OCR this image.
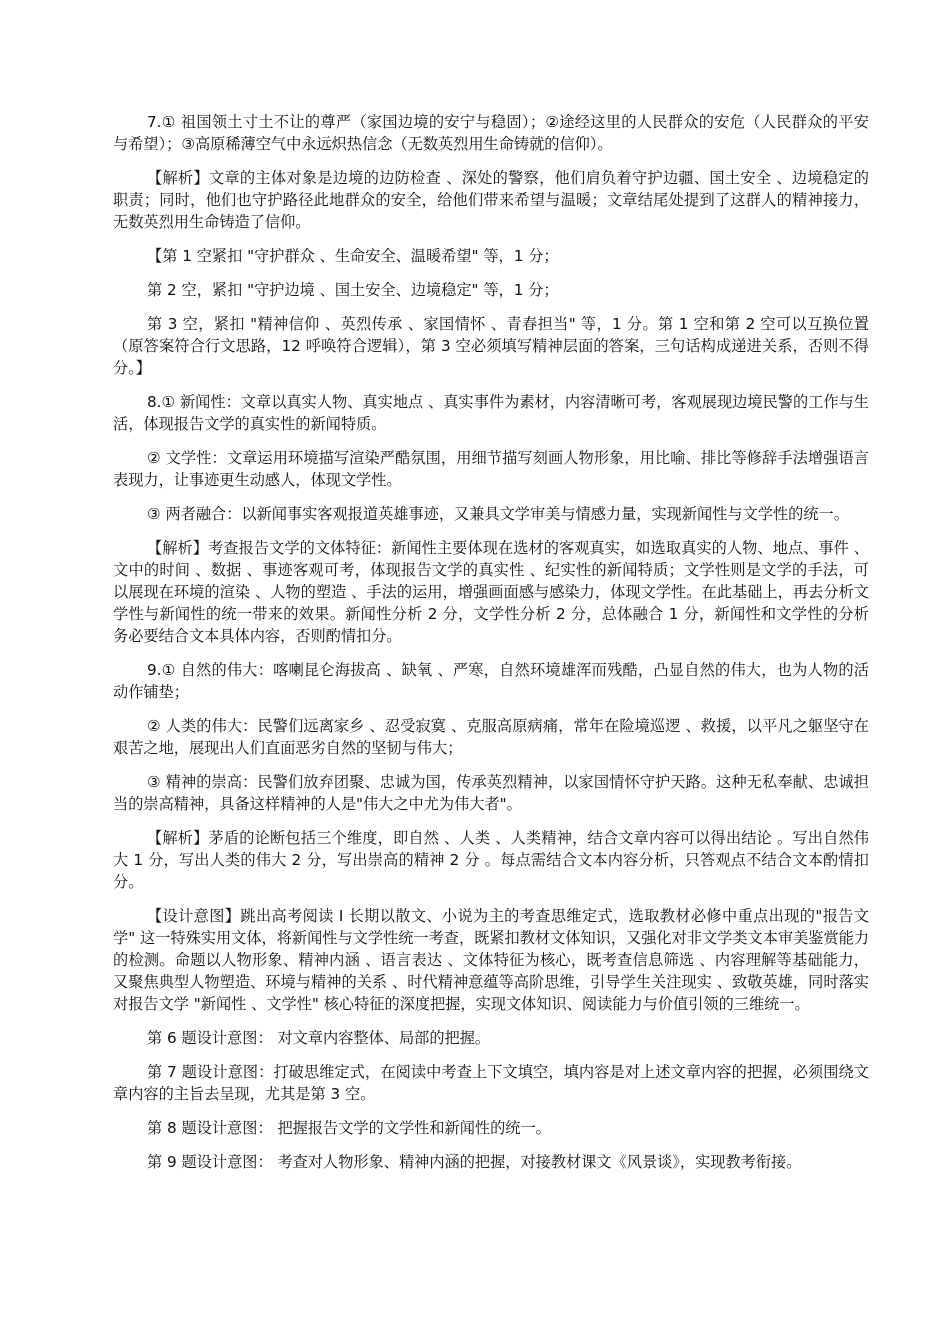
7.① 祖国领土寸土不让的尊严（家国边境的安宁与稳固）；②途经这里的人民群众的安危（人民群众的平安与希望）；③高原稀薄空气中永远炽热信念（无数英烈用生命铸就的信仰）。

【解析】文章的主体对象是边境的边防检查 、深处的警察，他们肩负着守护边疆、国土安全 、边境稳定的职责；同时，他们也守护路径此地群众的安全，给他们带来希望与温暖；文章结尾处提到了这群人的精神接力，无数英烈用生命铸造了信仰。

【第 1 空紧扣 "守护群众 、生命安全、温暖希望" 等，1 分；

第 2 空，紧扣 "守护边境 、国土安全、边境稳定" 等，1 分；

第 3 空，紧扣 "精神信仰 、英烈传承 、家国情怀 、青春担当" 等，1 分。第 1 空和第 2 空可以互换位置（原答案符合行文思路，12 呼唤符合逻辑），第 3 空必须填写精神层面的答案，三句话构成递进关系，否则不得分。】

8.① 新闻性：文章以真实人物、真实地点 、真实事件为素材，内容清晰可考，客观展现边境民警的工作与生活，体现报告文学的真实性的新闻特质。

② 文学性：文章运用环境描写渲染严酷氛围，用细节描写刻画人物形象，用比喻、排比等修辞手法增强语言表现力，让事迹更生动感人，体现文学性。

③ 两者融合：以新闻事实客观报道英雄事迹，又兼具文学审美与情感力量，实现新闻性与文学性的统一。

【解析】考查报告文学的文体特征：新闻性主要体现在选材的客观真实，如选取真实的人物、地点、事件 、文中的时间 、数据 、事迹客观可考，体现报告文学的真实性 、纪实性的新闻特质；文学性则是文学的手法，可以展现在环境的渲染 、人物的塑造 、手法的运用，增强画面感与感染力，体现文学性。在此基础上，再去分析文学性与新闻性的统一带来的效果。新闻性分析 2 分，文学性分析 2 分，总体融合 1 分，新闻性和文学性的分析务必要结合文本具体内容，否则酌情扣分。

9.① 自然的伟大：喀喇昆仑海拔高 、缺氧 、严寒，自然环境雄浑而残酷，凸显自然的伟大，也为人物的活动作铺垫；

② 人类的伟大：民警们远离家乡 、忍受寂寞 、克服高原病痛，常年在险境巡逻 、救援，以平凡之躯坚守在艰苦之地，展现出人们直面恶劣自然的坚韧与伟大；

③ 精神的崇高：民警们放弃团聚、忠诚为国，传承英烈精神，以家国情怀守护天路。这种无私奉献、忠诚担当的崇高精神，具备这样精神的人是"伟大之中尤为伟大者"。

【解析】茅盾的论断包括三个维度，即自然 、人类 、人类精神，结合文章内容可以得出结论 。写出自然伟大 1 分，写出人类的伟大 2 分，写出崇高的精神 2 分 。每点需结合文本内容分析，只答观点不结合文本酌情扣分。

【设计意图】跳出高考阅读 I 长期以散文、小说为主的考查思维定式，选取教材必修中重点出现的"报告文学" 这一特殊实用文体，将新闻性与文学性统一考查，既紧扣教材文体知识，又强化对非文学类文本审美鉴赏能力的检测。命题以人物形象、精神内涵 、语言表达 、文体特征为核心，既考查信息筛选 、内容理解等基础能力，又聚焦典型人物塑造、环境与精神的关系 、时代精神意蕴等高阶思维，引导学生关注现实 、致敬英雄，同时落实对报告文学 "新闻性 、文学性" 核心特征的深度把握，实现文体知识、阅读能力与价值引领的三维统一。

第 6 题设计意图： 对文章内容整体、局部的把握。

第 7 题设计意图：打破思维定式，在阅读中考查上下文填空，填内容是对上述文章内容的把握，必须围绕文章内容的主旨去呈现，尤其是第 3 空。

第 8 题设计意图： 把握报告文学的文学性和新闻性的统一。

第 9 题设计意图： 考查对人物形象、精神内涵的把握，对接教材课文《风景谈》，实现教考衔接。
